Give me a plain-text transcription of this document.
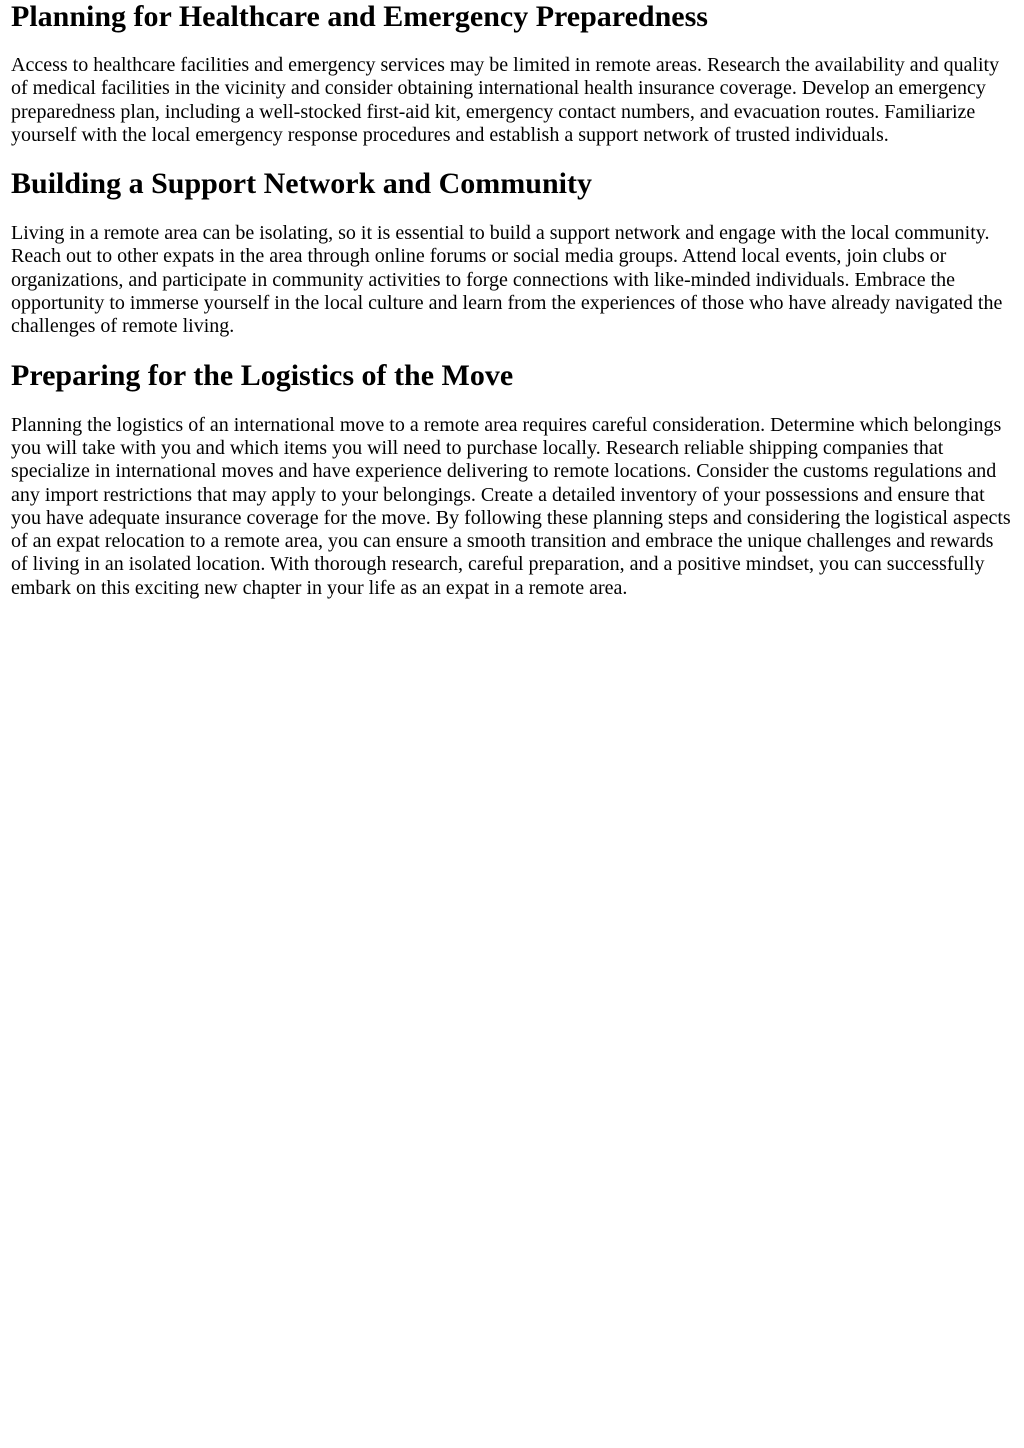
Planning for Healthcare and Emergency Preparedness

Access to healthcare facilities and emergency services may be limited in remote areas. Research the availability and quality of medical facilities in the vicinity and consider obtaining international health insurance coverage. Develop an emergency preparedness plan, including a well-stocked first-aid kit, emergency contact numbers, and evacuation routes. Familiarize yourself with the local emergency response procedures and establish a support network of trusted individuals.

Building a Support Network and Community

Living in a remote area can be isolating, so it is essential to build a support network and engage with the local community. Reach out to other expats in the area through online forums or social media groups. Attend local events, join clubs or organizations, and participate in community activities to forge connections with like-minded individuals. Embrace the opportunity to immerse yourself in the local culture and learn from the experiences of those who have already navigated the challenges of remote living.

Preparing for the Logistics of the Move

Planning the logistics of an international move to a remote area requires careful consideration. Determine which belongings you will take with you and which items you will need to purchase locally. Research reliable shipping companies that specialize in international moves and have experience delivering to remote locations. Consider the customs regulations and any import restrictions that may apply to your belongings. Create a detailed inventory of your possessions and ensure that you have adequate insurance coverage for the move. By following these planning steps and considering the logistical aspects of an expat relocation to a remote area, you can ensure a smooth transition and embrace the unique challenges and rewards of living in an isolated location. With thorough research, careful preparation, and a positive mindset, you can successfully embark on this exciting new chapter in your life as an expat in a remote area.
